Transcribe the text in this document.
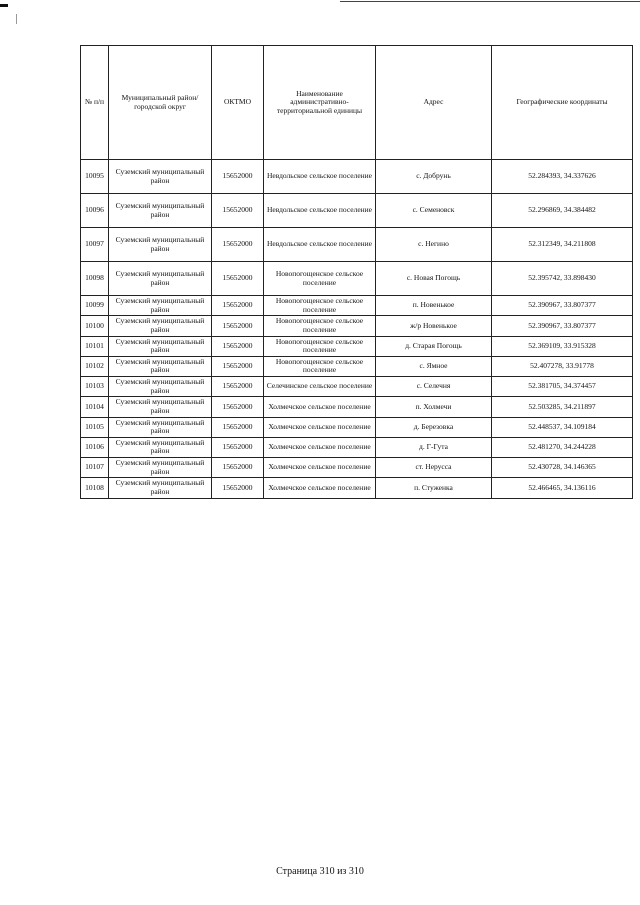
№ п/п	Муниципальный район/городской округ	ОКТМО	Наименование административно-территориальной единицы	Адрес	Географические координаты
10095	Суземский муниципальный район	15652000	Невдольское сельское поселение	с. Добрунь	52.284393, 34.337626
10096	Суземский муниципальный район	15652000	Невдольское сельское поселение	с. Семеновск	52.296869, 34.384482
10097	Суземский муниципальный район	15652000	Невдольское сельское поселение	с. Негино	52.312349, 34.211808
10098	Суземский муниципальный район	15652000	Новопогощенское сельское поселение	с. Новая Погощь	52.395742, 33.898430
10099	Суземский муниципальный район	15652000	Новопогощенское сельское поселение	п. Новенькое	52.390967, 33.807377
10100	Суземский муниципальный район	15652000	Новопогощенское сельское поселение	ж/р Новенькое	52.390967, 33.807377
10101	Суземский муниципальный район	15652000	Новопогощенское сельское поселение	д. Старая Погощь	52.369109, 33.915328
10102	Суземский муниципальный район	15652000	Новопогощенское сельское поселение	с. Ямное	52.407278, 33.91778
10103	Суземский муниципальный район	15652000	Селечинское сельское поселение	с. Селечня	52.381705, 34.374457
10104	Суземский муниципальный район	15652000	Холмечское сельское поселение	п. Холмечи	52.503285, 34.211897
10105	Суземский муниципальный район	15652000	Холмечское сельское поселение	д. Березовка	52.448537, 34.109184
10106	Суземский муниципальный район	15652000	Холмечское сельское поселение	д. Г-Гута	52.481270, 34.244228
10107	Суземский муниципальный район	15652000	Холмечское сельское поселение	ст. Нерусса	52.430728, 34.146365
10108	Суземский муниципальный район	15652000	Холмечское сельское поселение	п. Стуженка	52.466465, 34.136116
Страница 310 из 310
